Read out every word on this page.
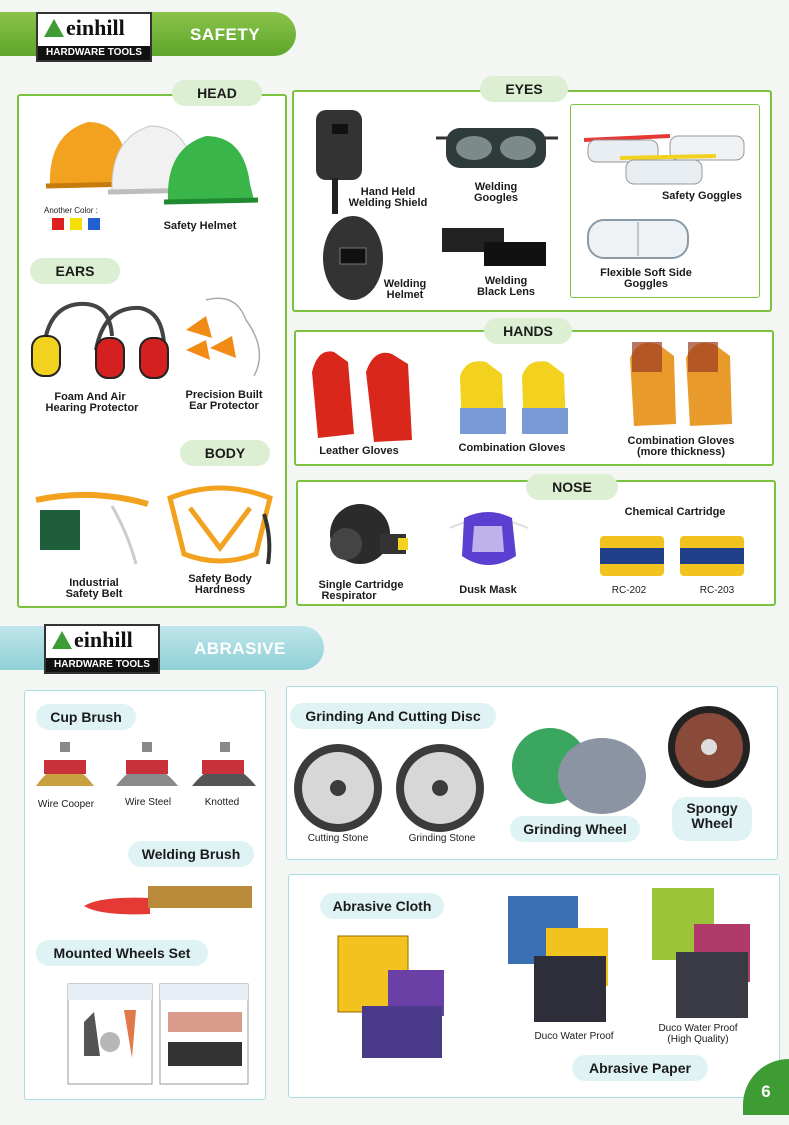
einhill
HARDWARE TOOLS
SAFETY
HEAD
Another Color :
Safety Helmet
EARS
Foam And Air
Hearing Protector
Precision Built
Ear Protector
BODY
Industrial
Safety Belt
Safety Body
Hardness
EYES
Hand Held
Welding Shield
Welding
Googles
Welding
Helmet
Welding
Black Lens
Safety Goggles
Flexible Soft Side
Goggles
HANDS
Leather Gloves	Combination Gloves
Combination Gloves
(more thickness)
NOSE
Single Cartridge
Respirator	Dusk Mask
Chemical Cartridge
RC-202	RC-203
einhill
HARDWARE TOOLS
ABRASIVE
Cup Brush
Wire Cooper	Wire Steel	Knotted
Welding Brush
Mounted Wheels Set
Grinding And Cutting Disc
Cutting Stone	Grinding Stone
Grinding Wheel
Spongy
Wheel
Abrasive Cloth
Duco Water Proof
Duco Water Proof
(High Quality)
Abrasive Paper
6
